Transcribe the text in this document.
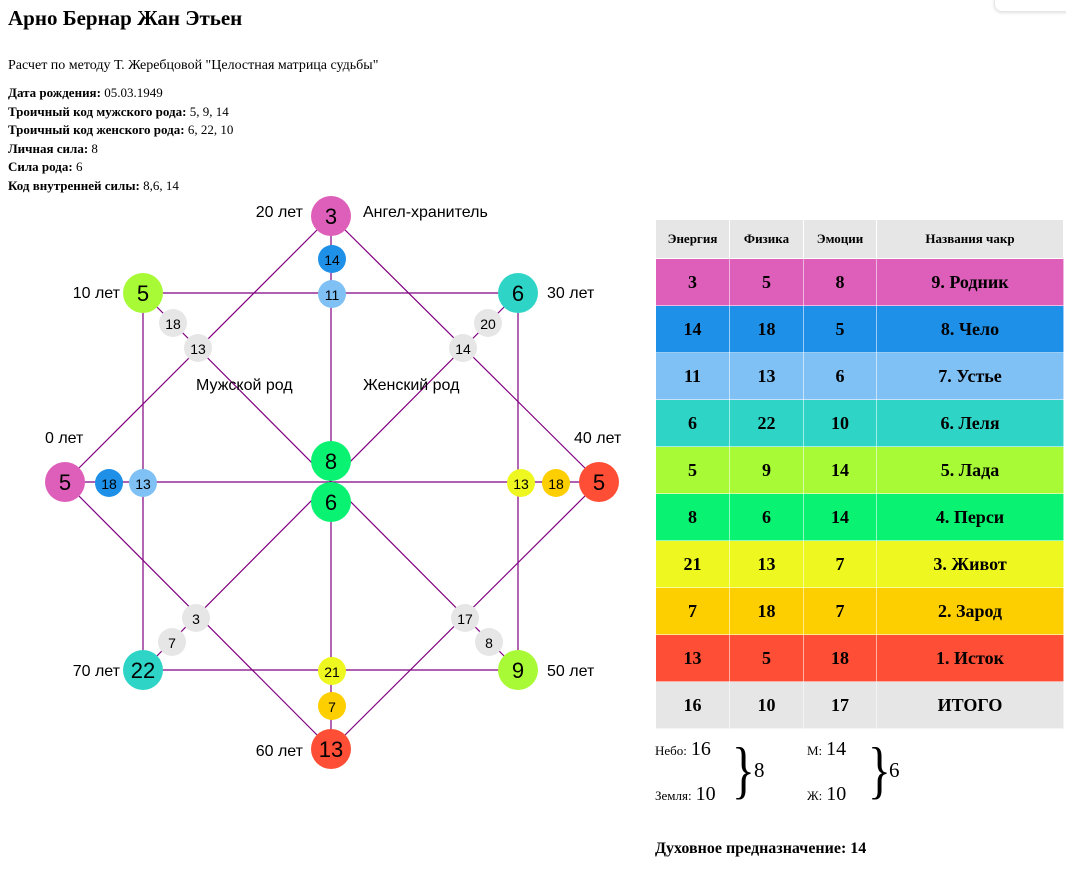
Арно Бернар Жан Этьен
Расчет по методу Т. Жеребцовой "Целостная матрица судьбы"
Дата рождения: 05.03.1949
Троичный код мужского рода: 5, 9, 14
Троичный код женского рода: 6, 22, 10
Личная сила: 8
Сила рода: 6
Код внутренней силы: 8,6, 14
20 лет
10 лет	30 лет
0 лет	40 лет
70 лет	50 лет
60 лет
Ангел-хранитель
Мужской род	Женский род
3
14
11
5	6
18
13
20
14
8
6
5 18 13	13 18 5
3
7
17
8
22	9
21
7
13
Энергия	Физика	Эмоции	Названия чакр
3	5	8	9. Родник
14	18	5	8. Чело
11	13	6	7. Устье
6	22	10	6. Леля
5	9	14	5. Лада
8	6	14	4. Перси
21	13	7	3. Живот
7	18	7	2. Зарод
13	5	18	1. Исток
16	10	17	ИТОГО
Небо: 16
Земля: 10 } 8
М: 14
Ж: 10 }
6
Духовное предназначение: 14
